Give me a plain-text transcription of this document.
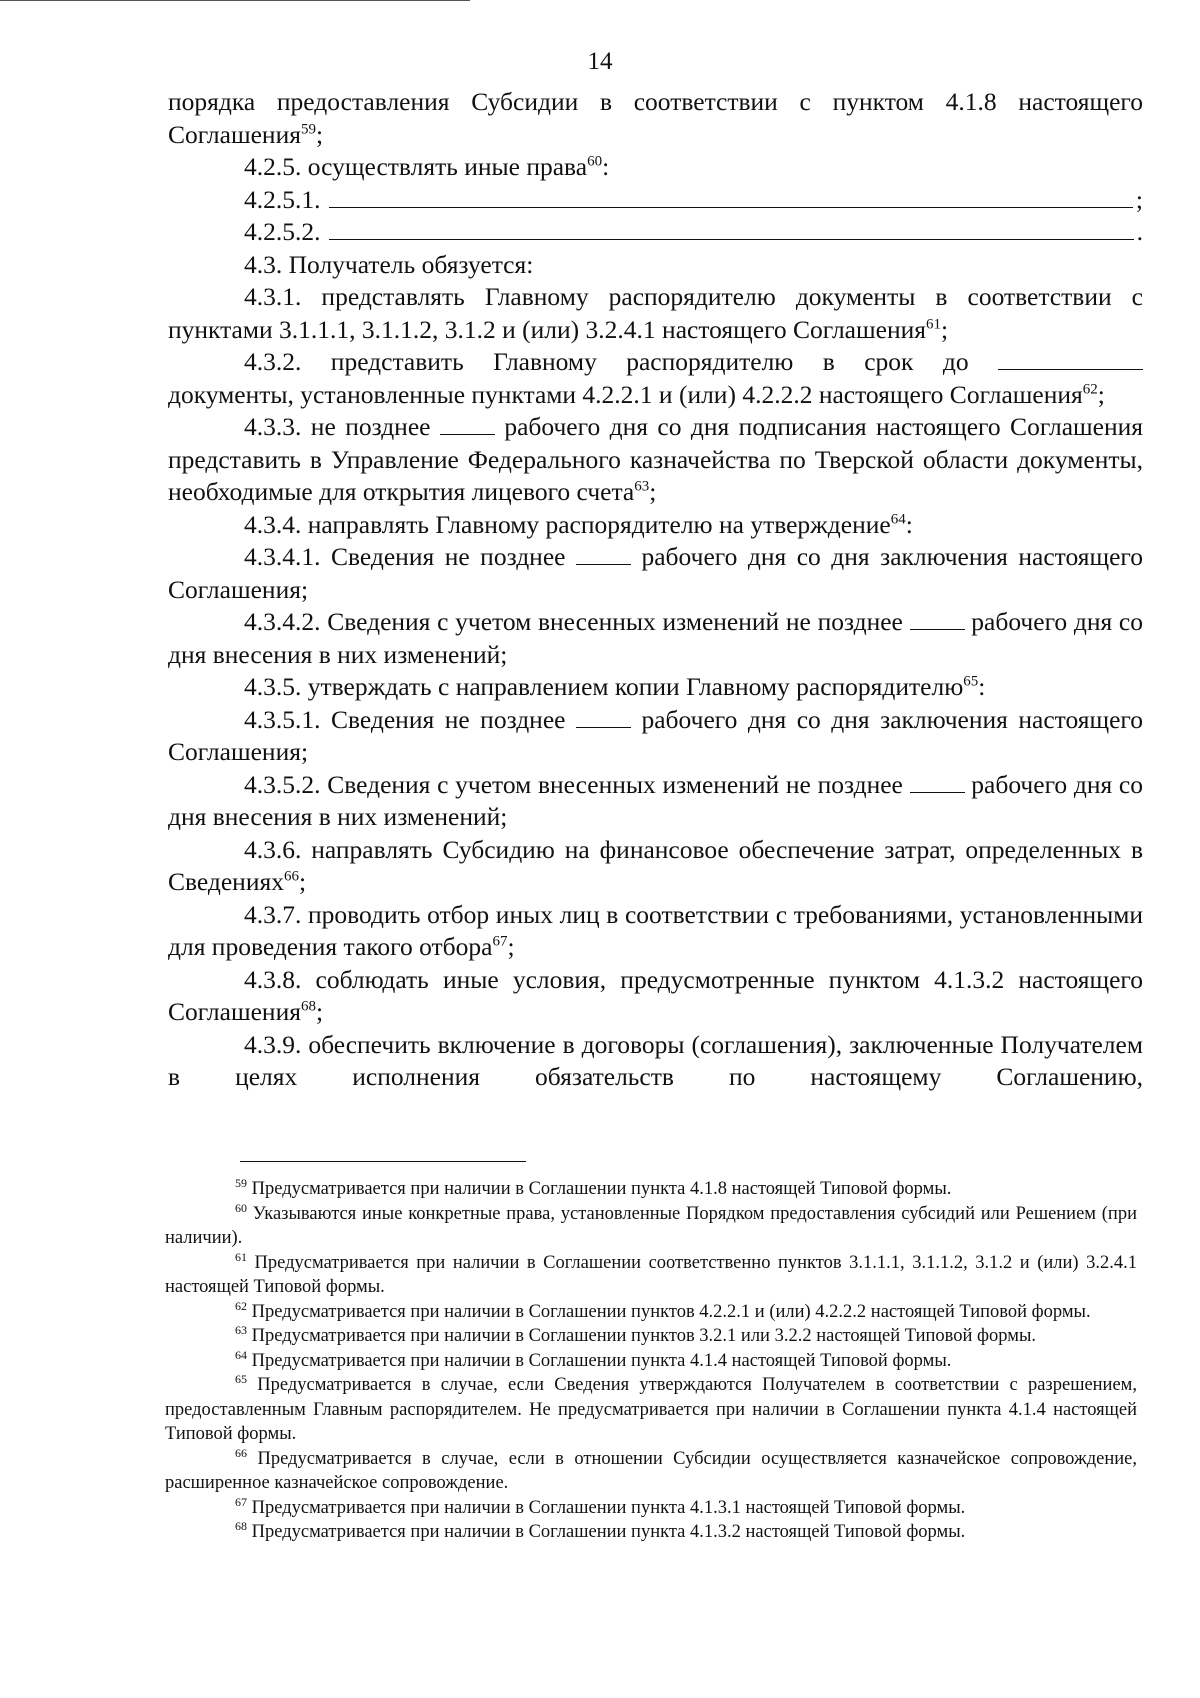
14

порядка предоставления Субсидии в соответствии с пунктом 4.1.8 настоящего Соглашения$^{59}$;

4.2.5. осуществлять иные права$^{60}$:

4.2.5.1.	;
4.2.5.2.	.

4.3. Получатель обязуется:

4.3.1. представлять Главному распорядителю документы в соответствии с пунктами 3.1.1.1, 3.1.1.2, 3.1.2 и (или) 3.2.4.1 настоящего Соглашения$^{61}$;

4.3.2. представить Главному распорядителю в срок до

документы, установленные пунктами 4.2.2.1 и (или) 4.2.2.2 настоящего Соглашения$^{62}$;

4.3.3. не позднее	рабочего дня со дня подписания настоящего Соглашения представить в Управление Федерального казначейства по Тверской области документы, необходимые для открытия лицевого счета$^{63}$;

4.3.4. направлять Главному распорядителю на утверждение$^{64}$:

4.3.4.1. Сведения не позднее	рабочего дня со дня заключения настоящего Соглашения;

4.3.4.2. Сведения с учетом внесенных изменений не позднее	рабочего дня со дня внесения в них изменений;

4.3.5. утверждать с направлением копии Главному распорядителю$^{65}$:

4.3.5.1. Сведения не позднее	рабочего дня со дня заключения настоящего Соглашения;

4.3.5.2. Сведения с учетом внесенных изменений не позднее	рабочего дня со дня внесения в них изменений;

4.3.6. направлять Субсидию на финансовое обеспечение затрат, определенных в Сведениях$^{66}$;

4.3.7. проводить отбор иных лиц в соответствии с требованиями, установленными для проведения такого отбора$^{67}$;

4.3.8. соблюдать иные условия, предусмотренные пунктом 4.1.3.2 настоящего Соглашения$^{68}$;

4.3.9. обеспечить включение в договоры (соглашения), заключенные Получателем в целях исполнения обязательств по настоящему Соглашению,

$^{59}$ Предусматривается при наличии в Соглашении пункта 4.1.8 настоящей Типовой формы.

$^{60}$ Указываются иные конкретные права, установленные Порядком предоставления субсидий или Решением (при наличии).

$^{61}$ Предусматривается при наличии в Соглашении соответственно пунктов 3.1.1.1, 3.1.1.2, 3.1.2 и (или) 3.2.4.1 настоящей Типовой формы.

$^{62}$ Предусматривается при наличии в Соглашении пунктов 4.2.2.1 и (или) 4.2.2.2 настоящей Типовой формы.

$^{63}$ Предусматривается при наличии в Соглашении пунктов 3.2.1 или 3.2.2 настоящей Типовой формы.

$^{64}$ Предусматривается при наличии в Соглашении пункта 4.1.4 настоящей Типовой формы.

$^{65}$ Предусматривается в случае, если Сведения утверждаются Получателем в соответствии с разрешением, предоставленным Главным распорядителем. Не предусматривается при наличии в Соглашении пункта 4.1.4 настоящей Типовой формы.

$^{66}$ Предусматривается в случае, если в отношении Субсидии осуществляется казначейское сопровождение, расширенное казначейское сопровождение.

$^{67}$ Предусматривается при наличии в Соглашении пункта 4.1.3.1 настоящей Типовой формы.

$^{68}$ Предусматривается при наличии в Соглашении пункта 4.1.3.2 настоящей Типовой формы.
